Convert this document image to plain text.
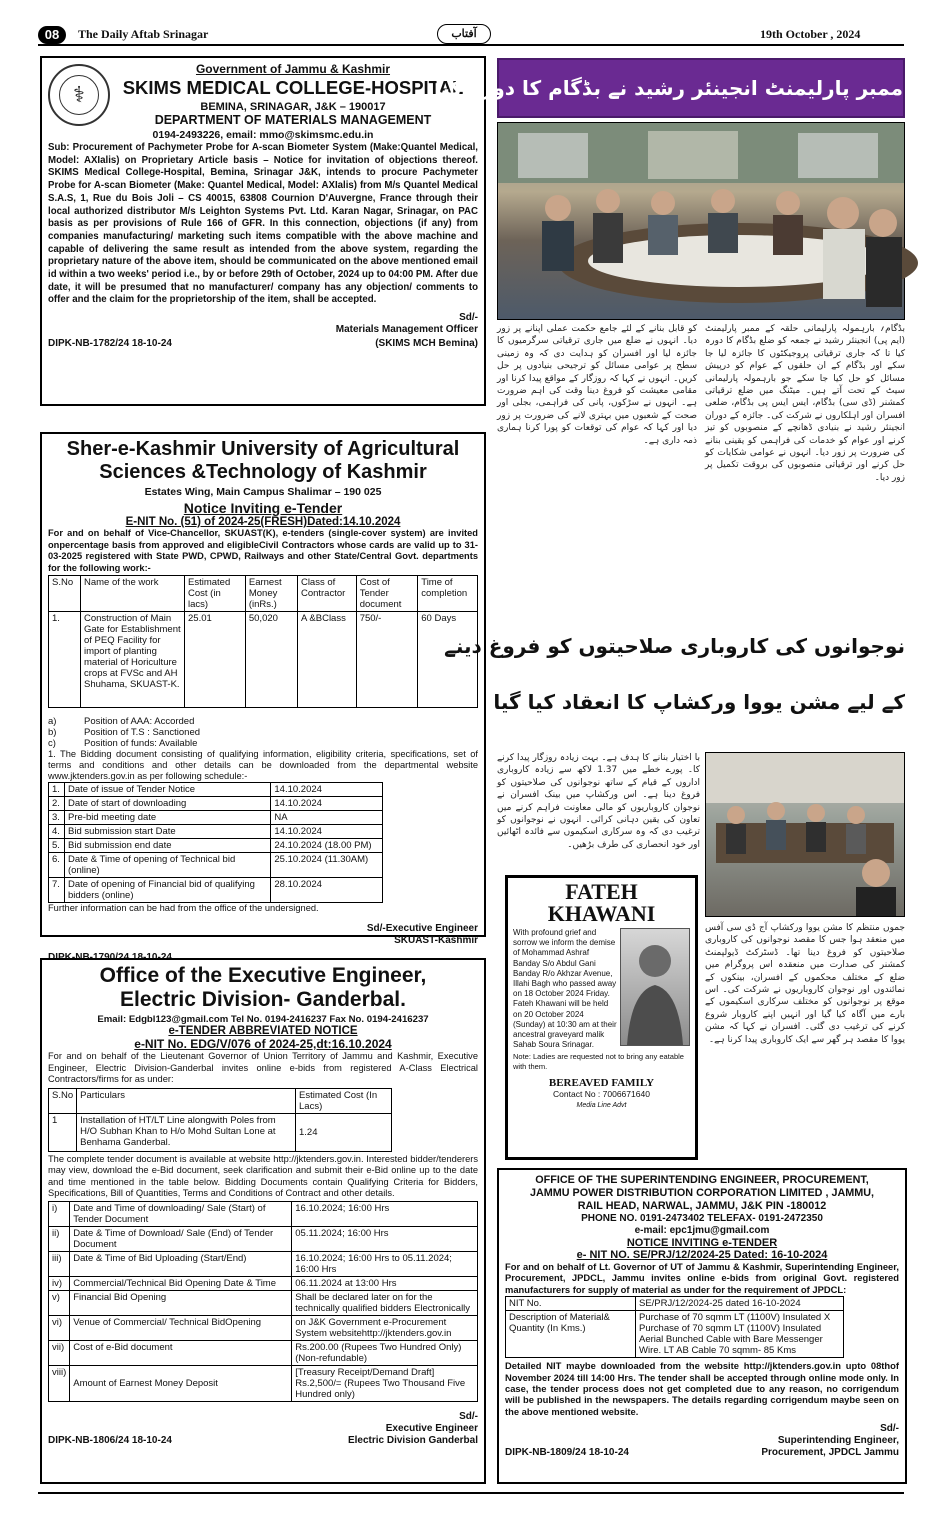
08	The Daily Aftab Srinagar	آفتاب	19th October , 2024
⚕
Government of Jammu & Kashmir
SKIMS MEDICAL COLLEGE-HOSPITAL
BEMINA, SRINAGAR, J&K – 190017
DEPARTMENT OF MATERIALS MANAGEMENT
0194-2493226, email: mmo@skimsmc.edu.in
Sub: Procurement of Pachymeter Probe for A-scan Biometer System (Make:Quantel Medical, Model: AXIalis) on Proprietary Article basis – Notice for invitation of objections thereof. SKIMS Medical College-Hospital, Bemina, Srinagar J&K, intends to procure Pachymeter Probe for A-scan Biometer (Make: Quantel Medical, Model: AXIalis) from M/s Quantel Medical S.A.S, 1, Rue du Bois Joli – CS 40015, 63808 Cournion D'Auvergne, France through their local authorized distributor M/s Leighton Systems Pvt. Ltd. Karan Nagar, Srinagar, on PAC basis as per provisions of Rule 166 of GFR. In this connection, objections (if any) from companies manufacturing/ marketing such items compatible with the above machine and capable of delivering the same result as intended from the above system, regarding the proprietary nature of the above item, should be communicated on the above mentioned email id within a two weeks' period i.e., by or before 29th of October, 2024 up to 04:00 PM. After due date, it will be presumed that no manufacturer/ company has any objection/ comments to offer and the claim for the proprietorship of the item, shall be accepted.
Sd/-
Materials Management Officer
DIPK-NB-1782/24 18-10-24	(SKIMS MCH Bemina)
Sher-e-Kashmir University of Agricultural
Sciences &Technology of Kashmir
Estates Wing, Main Campus Shalimar – 190 025
Notice Inviting e-Tender
E-NIT No. (51) of 2024-25(FRESH)Dated:14.10.2024
For and on behalf of Vice-Chancellor, SKUAST(K), e-tenders (single-cover system) are invited onpercentage basis from approved and eligibleCivil Contractors whose cards are valid up to 31-03-2025 registered with State PWD, CPWD, Railways and other State/Central Govt. departments for the following work:-
S.No	Name of the work	Estimated Cost (in lacs)	Earnest Money (inRs.)	Class of Contractor	Cost of Tender document	Time of completion
1.	Construction of Main Gate for Establishment of PEQ Facility for import of planting material of Horiculture crops at FVSc and AH Shuhama, SKUAST-K.	25.01	50,020	A &BClass	750/-	60 Days
a)	Position of AAA: Accorded
b)	Position of T.S : Sanctioned
c)	Position of funds: Available
1. The Bidding document consisting of qualifying information, eligibility criteria, specifications, set of terms and conditions and other details can be downloaded from the departmental website www.jktenders.gov.in as per following schedule:-
1.	Date of issue of Tender Notice	14.10.2024
2.	Date of start of downloading	14.10.2024
3.	Pre-bid meeting date	NA
4.	Bid submission start Date	14.10.2024
5.	Bid submission end date	24.10.2024 (18.00 PM)
6.	Date & Time of opening of Technical bid (online)	25.10.2024 (11.30AM)
7.	Date of opening of Financial bid of qualifying bidders (online)	28.10.2024
Further information can be had from the office of the undersigned.
Sd/-Executive Engineer
SKUAST-Kashmir
Office of the Executive Engineer,
Electric Division- Ganderbal.
Email: Edgbl123@gmail.com Tel No. 0194-2416237 Fax No. 0194-2416237
e-TENDER ABBREVIATED NOTICE
e-NIT No. EDG/V/076 of 2024-25,dt:16.10.2024
For and on behalf of the Lieutenant Governor of Union Territory of Jammu and Kashmir, Executive Engineer, Electric Division-Ganderbal invites online e-bids from registered A-Class Electrical Contractors/firms for as under:
S.No	Particulars	Estimated Cost (In Lacs)
1	Installation of HT/LT Line alongwith Poles from H/O Subhan Khan to H/o Mohd Sultan Lone at Benhama Ganderbal.	1.24
The complete tender document is available at website http://jktenders.gov.in. Interested bidder/tenderers may view, download the e-Bid document, seek clarification and submit their e-Bid online up to the date and time mentioned in the table below. Bidding Documents contain Qualifying Criteria for Bidders, Specifications, Bill of Quantities, Terms and Conditions of Contract and other details.
i)	Date and Time of downloading/ Sale (Start) of Tender Document	16.10.2024; 16:00 Hrs
ii)	Date & Time of Download/ Sale (End) of Tender Document	05.11.2024; 16:00 Hrs
iii)	Date & Time of Bid Uploading (Start/End)	16.10.2024; 16:00 Hrs to 05.11.2024; 16:00 Hrs
iv)	Commercial/Technical Bid Opening Date & Time	06.11.2024 at 13:00 Hrs
v)	Financial Bid Opening	Shall be declared later on for the technically qualified bidders Electronically
vi)	Venue of Commercial/ Technical BidOpening	on J&K Government e-Procurement System websitehttp://jktenders.gov.in
vii)	Cost of e-Bid document	Rs.200.00 (Rupees Two Hundred Only) (Non-refundable)
viii)	Amount of Earnest Money Deposit	[Treasury Receipt/Demand Draft] Rs.2,500/= (Rupees Two Thousand Five Hundred only)
Sd/-
Executive Engineer
DIPK-NB-1806/24 18-10-24	Electric Division Ganderbal
ممبر پارلیمنٹ انجینئر رشید نے بڈگام کا دورہ کیا
کو قابل بنانے کے لئے جامع حکمت عملی اپنانے پر زور دیا۔ انہوں نے ضلع میں جاری ترقیاتی سرگرمیوں کا جائزہ لیا اور افسران کو ہدایت دی کہ وہ زمینی سطح پر عوامی مسائل کو ترجیحی بنیادوں پر حل کریں۔ انہوں نے کہا کہ روزگار کے مواقع پیدا کرنا اور مقامی معیشت کو فروغ دینا وقت کی اہم ضرورت ہے۔ انہوں نے سڑکوں، پانی کی فراہمی، بجلی اور صحت کے شعبوں میں بہتری لانے کی ضرورت پر زور دیا اور کہا کہ عوام کی توقعات کو پورا کرنا ہماری ذمہ داری ہے۔
بڈگام؍ بارہمولہ پارلیمانی حلقہ کے ممبر پارلیمنٹ (ایم پی) انجینئر رشید نے جمعہ کو ضلع بڈگام کا دورہ کیا تا کہ جاری ترقیاتی پروجیکٹوں کا جائزہ لیا جا سکے اور بڈگام کے ان حلقوں کے عوام کو درپیش مسائل کو حل کیا جا سکے جو بارہمولہ پارلیمانی سیٹ کے تحت آتے ہیں۔ میٹنگ میں ضلع ترقیاتی کمشنر (ڈی سی) بڈگام، ایس ایس پی بڈگام، ضلعی افسران اور اہلکاروں نے شرکت کی۔ جائزہ کے دوران انجینئر رشید نے بنیادی ڈھانچے کے منصوبوں کو تیز کرنے اور عوام کو خدمات کی فراہمی کو یقینی بنانے کی ضرورت پر زور دیا۔ انہوں نے عوامی شکایات کو حل کرنے اور ترقیاتی منصوبوں کی بروقت تکمیل پر زور دیا۔
نوجوانوں کی کاروباری صلاحیتوں کو فروغ دینے
کے لیے مشن یووا ورکشاپ کا انعقاد کیا گیا
با اختیار بنانے کا ہدف ہے۔ بہت زیادہ روزگار پیدا کرنے کا۔ پورے خطے میں 1.37 لاکھ سے زیادہ کاروباری اداروں کے قیام کے ساتھ نوجوانوں کی صلاحیتوں کو فروغ دینا ہے۔ اس ورکشاپ میں بینک افسران نے نوجوان کاروباریوں کو مالی معاونت فراہم کرنے میں تعاون کی یقین دہانی کرائی۔ انہوں نے نوجوانوں کو ترغیب دی کہ وہ سرکاری اسکیموں سے فائدہ اٹھائیں اور خود انحصاری کی طرف بڑھیں۔
جموں منتظم کا مشن یووا ورکشاپ آج ڈی سی آفس میں منعقد ہوا جس کا مقصد نوجوانوں کی کاروباری صلاحیتوں کو فروغ دینا تھا۔ ڈسٹرکٹ ڈیولپمنٹ کمشنر کی صدارت میں منعقدہ اس پروگرام میں ضلع کے مختلف محکموں کے افسران، بینکوں کے نمائندوں اور نوجوان کاروباریوں نے شرکت کی۔ اس موقع پر نوجوانوں کو مختلف سرکاری اسکیموں کے بارے میں آگاہ کیا گیا اور انہیں اپنے کاروبار شروع کرنے کی ترغیب دی گئی۔ افسران نے کہا کہ مشن یووا کا مقصد ہر گھر سے ایک کاروباری پیدا کرنا ہے۔
FATEH
KHAWANI
With profound grief and sorrow we inform the demise of Mohammad Ashraf Banday S/o Abdul Gani Banday R/o Akhzar Avenue, Illahi Bagh who passed away on 18 October 2024 Friday. Fateh Khawani will be held on 20 October 2024 (Sunday) at 10:30 am at their ancestral graveyard malik Sahab Soura Srinagar.
Note: Ladies are requested not to bring any eatable with them.
BEREAVED FAMILY
Contact No : 7006671640
Media Line Advt
OFFICE OF THE SUPERINTENDING ENGINEER, PROCUREMENT,
JAMMU POWER DISTRIBUTION CORPORATION LIMITED , JAMMU,
RAIL HEAD, NARWAL, JAMMU, J&K PIN -180012
PHONE NO. 0191-2473402 TELEFAX- 0191-2472350
e-mail: epc1jmu@gmail.com
NOTICE INVITING e-TENDER
e- NIT NO. SE/PRJ/12/2024-25 Dated: 16-10-2024
For and on behalf of Lt. Governor of UT of Jammu & Kashmir, Superintending Engineer, Procurement, JPDCL, Jammu invites online e-bids from original Govt. registered manufacturers for supply of material as under for the requirement of JPDCL:
NIT No.	SE/PRJ/12/2024-25 dated 16-10-2024
Description of Material& Quantity (In Kms.)	Purchase of 70 sqmm LT (1100V) Insulated X Purchase of 70 sqmm LT (1100V) Insulated Aerial Bunched Cable with Bare Messenger Wire. LT AB Cable 70 sqmm- 85 Kms
Detailed NIT maybe downloaded from the website http://jktenders.gov.in upto 08thof November 2024 till 14:00 Hrs. The tender shall be accepted through online mode only. In case, the tender process does not get completed due to any reason, no corrigendum will be published in the newspapers. The details regarding corrigendum maybe seen on the above mentioned website.
Sd/-
Superintending Engineer,
DIPK-NB-1809/24 18-10-24	Procurement, JPDCL Jammu
